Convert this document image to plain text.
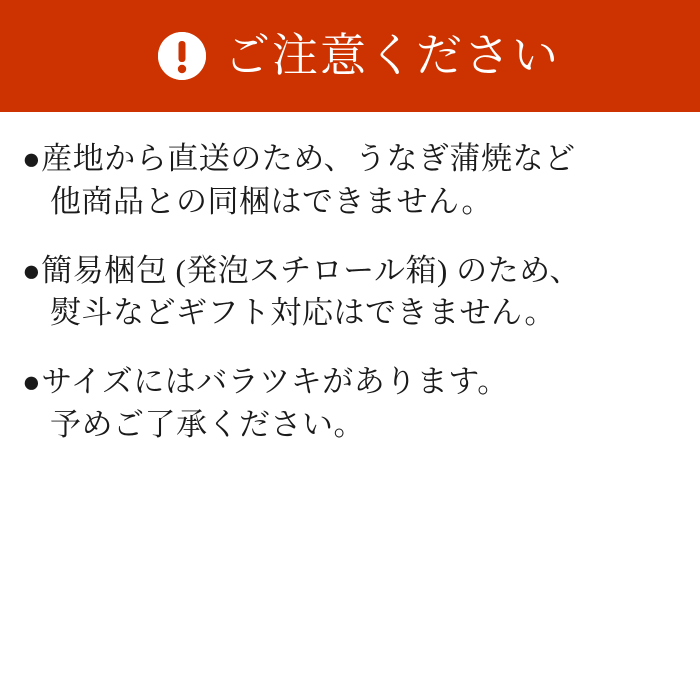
ご注意ください
●産地から直送のため、うなぎ蒲焼など
他商品との同梱はできません。
●簡易梱包 (発泡スチロール箱) のため、
熨斗などギフト対応はできません。
●サイズにはバラツキがあります。
予めご了承ください。
